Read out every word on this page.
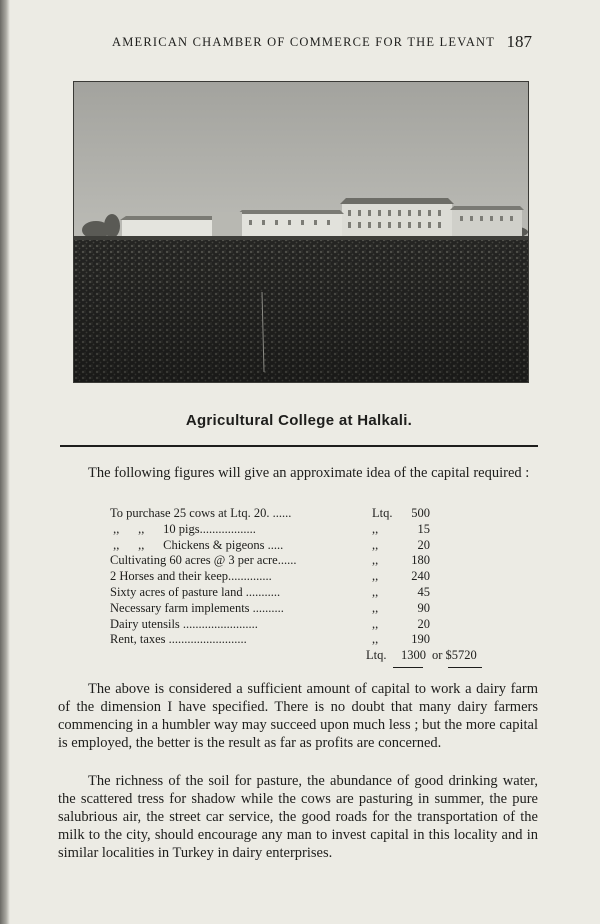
AMERICAN CHAMBER OF COMMERCE FOR THE LEVANT 187
Agricultural College at Halkali.
The following figures will give an approximate idea of the capital required :
To purchase 25 cows at Ltq. 20. ......	Ltq.	500
,,      ,,      10 pigs..................	,,	15
,,      ,,      Chickens & pigeons .....	,,	20
Cultivating 60 acres @ 3 per acre......	,,	180
2 Horses and their keep..............	,,	240
Sixty acres of pasture land ...........	,,	45
Necessary farm implements ..........	,,	90
Dairy utensils ........................	,,	20
Rent, taxes .........................	,,	190
Ltq.	1300 or $5720
The above is considered a sufficient amount of capital to work a dairy farm of the dimension I have specified. There is no doubt that many dairy farmers commencing in a humbler way may succeed upon much less ; but the more capital is employed, the better is the result as far as profits are concerned.
The richness of the soil for pasture, the abundance of good drinking water, the scattered tress for shadow while the cows are pasturing in summer, the pure salubrious air, the street car service, the good roads for the transportation of the milk to the city, should encourage any man to invest capital in this locality and in similar localities in Turkey in dairy enterprises.
